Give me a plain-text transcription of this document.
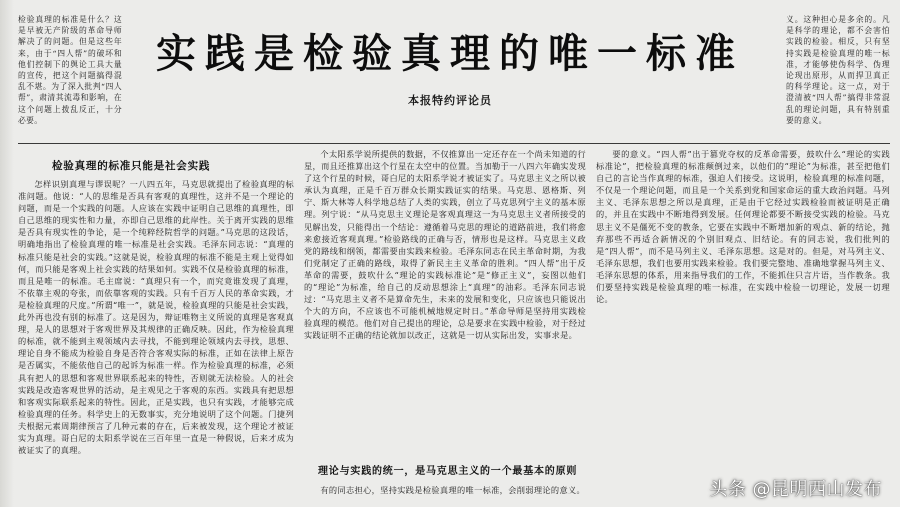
检验真理的标准是什么？这是早被无产阶级的革命导师解决了的问题。但是这些年来，由于“四人帮”的破坏和他们控制下的舆论工具大量的宣传，把这个问题搞得混乱不堪。为了深入批判“四人帮”，肃清其流毒和影响，在这个问题上拨乱反正，十分必要。
实践是检验真理的唯一标准
本报特约评论员
义。这种担心是多余的。凡是科学的理论，都不会害怕实践的检验。相反，只有坚持实践是检验真理的唯一标准，才能够使伪科学、伪理论现出原形，从而捍卫真正的科学理论。这一点，对于澄清被“四人帮”搞得非常混乱的理论问题，具有特别重要的意义。
检验真理的标准只能是社会实践

怎样识别真理与谬误呢？一八四五年，马克思就提出了检验真理的标准问题。他说：“人的思维是否具有客观的真理性，这并不是一个理论的问题，而是一个实践的问题。人应该在实践中证明自己思维的真理性，即自己思维的现实性和力量，亦即自己思维的此岸性。关于离开实践的思维是否具有现实性的争论，是一个纯粹经院哲学的问题。”马克思的这段话，明确地指出了检验真理的唯一标准是社会实践。毛泽东同志说：“真理的标准只能是社会的实践。”这就是说，检验真理的标准不能是主观上觉得如何，而只能是客观上社会实践的结果如何。实践不仅是检验真理的标准，而且是唯一的标准。毛主席说：“真理只有一个，而究竟谁发现了真理，不依靠主观的夸张，而依靠客观的实践。只有千百万人民的革命实践，才是检验真理的尺度。”所谓“唯一”，就是说，检验真理的只能是社会实践，此外再也没有别的标准了。这是因为，辩证唯物主义所说的真理是客观真理，是人的思想对于客观世界及其规律的正确反映。因此，作为检验真理的标准，就不能到主观领域内去寻找，不能到理论领域内去寻找，思想、理论自身不能成为检验自身是否符合客观实际的标准，正如在法律上原告是否属实，不能依他自己的起诉为标准一样。作为检验真理的标准，必须具有把人的思想和客观世界联系起来的特性，否则就无法检验。人的社会实践是改造客观世界的活动，是主观见之于客观的东西。实践具有把思想和客观实际联系起来的特性。因此，正是实践，也只有实践，才能够完成检验真理的任务。科学史上的无数事实，充分地说明了这个问题。门捷列夫根据元素周期律预言了几种元素的存在，后来被发现，这个理论才被证实为真理。哥白尼的太阳系学说在三百年里一直是一种假说，后来才成为被证实了的真理。

个太阳系学说所提供的数据，不仅推算出一定还存在一个尚未知道的行星，而且还推算出这个行星在太空中的位置。当加勒于一八四六年确实发现了这个行星的时候，哥白尼的太阳系学说才被证实了。马克思主义之所以被承认为真理，正是千百万群众长期实践证实的结果。马克思、恩格斯、列宁、斯大林等人科学地总结了人类的实践，创立了马克思列宁主义的基本原理。列宁说：“从马克思主义理论是客观真理这一为马克思主义者所接受的见解出发，只能得出一个结论：遵循着马克思的理论的道路前进，我们将愈来愈接近客观真理。”检验路线的正确与否，情形也是这样。马克思主义政党的路线和纲领，都需要由实践来检验。毛泽东同志在民主革命时期，为我们党制定了正确的路线，取得了新民主主义革命的胜利。“四人帮”出于反革命的需要，鼓吹什么“理论的实践标准论”是“修正主义”，妄图以他们的“理论”为标准，给自己的反动思想涂上“真理”的油彩。毛泽东同志说过：“马克思主义者不是算命先生，未来的发展和变化，只应该也只能说出个大的方向，不应该也不可能机械地规定时日。”革命导师是坚持用实践检验真理的模范。他们对自己提出的理论，总是要求在实践中检验，对于经过实践证明不正确的结论就加以改正，这就是一切从实际出发，实事求是。

理论与实践的统一，是马克思主义的一个最基本的原则

有的同志担心，坚持实践是检验真理的唯一标准，会削弱理论的意义。

要的意义。“四人帮”出于篡党夺权的反革命需要，鼓吹什么“理论的实践标准论”，把检验真理的标准颠倒过来，以他们的“理论”为标准，甚至把他们自己的言论当作真理的标准，强迫人们接受。这说明，检验真理的标准问题，不仅是一个理论问题，而且是一个关系到党和国家命运的重大政治问题。马列主义、毛泽东思想之所以是真理，正是由于它经过实践检验而被证明是正确的，并且在实践中不断地得到发展。任何理论都要不断接受实践的检验。马克思主义不是僵死不变的教条，它要在实践中不断增加新的观点、新的结论，抛弃那些不再适合新情况的个别旧观点、旧结论。有的同志说，我们批判的是“四人帮”，而不是马列主义、毛泽东思想。这是对的。但是，对马列主义、毛泽东思想，我们也要用实践来检验。我们要完整地、准确地掌握马列主义、毛泽东思想的体系，用来指导我们的工作，不能抓住只言片语，当作教条。我们要坚持实践是检验真理的唯一标准，在实践中检验一切理论，发展一切理论。

头条 @昆明西山发布
